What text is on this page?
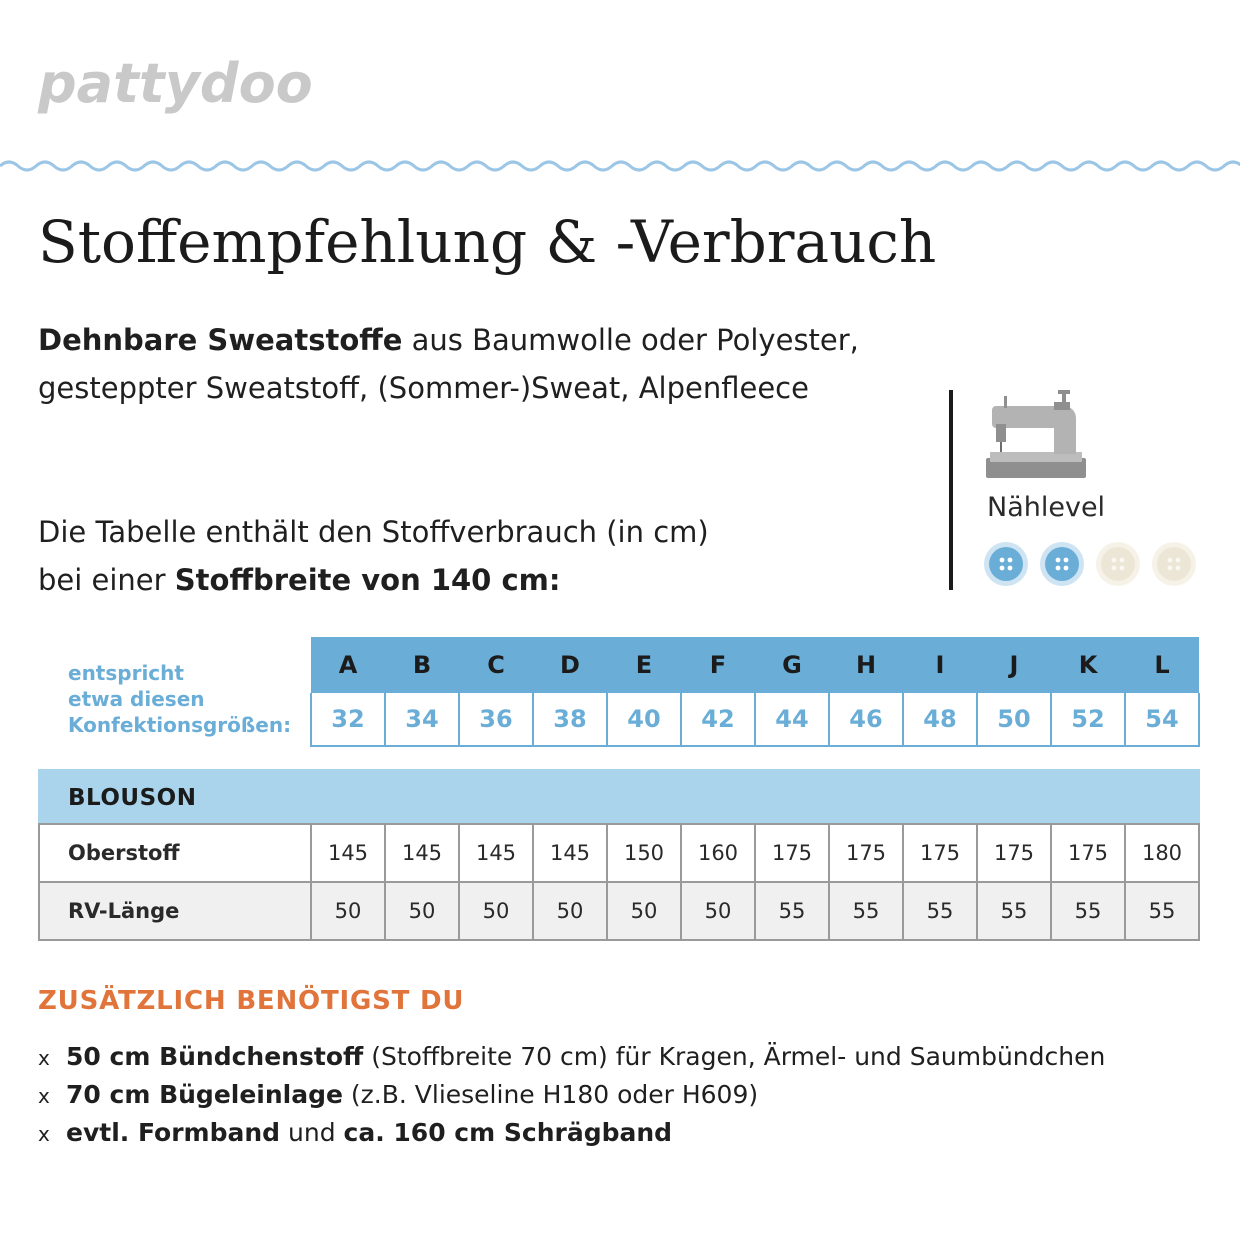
pattydoo
Stoffempfehlung & -Verbrauch
Dehnbare Sweatstoffe aus Baumwolle oder Polyester,
gesteppter Sweatstoff, (Sommer-)Sweat, Alpenfleece
Die Tabelle enthält den Stoffverbrauch (in cm)
bei einer Stoffbreite von 140 cm:
Nählevel
entspricht
etwa diesen
Konfektionsgrößen:
A	B	C	D	E	F	G	H	I	J	K	L
32	34	36	38	40	42	44	46	48	50	52	54
BLOUSON
Oberstoff	145	145	145	145	150	160	175	175	175	175	175	180
RV-Länge	50	50	50	50	50	50	55	55	55	55	55	55
ZUSÄTZLICH BENÖTIGST DU
x 50 cm Bündchenstoff (Stoffbreite 70 cm) für Kragen, Ärmel- und Saumbündchen
x 70 cm Bügeleinlage (z.B. Vlieseline H180 oder H609)
x evtl. Formband und ca. 160 cm Schrägband
